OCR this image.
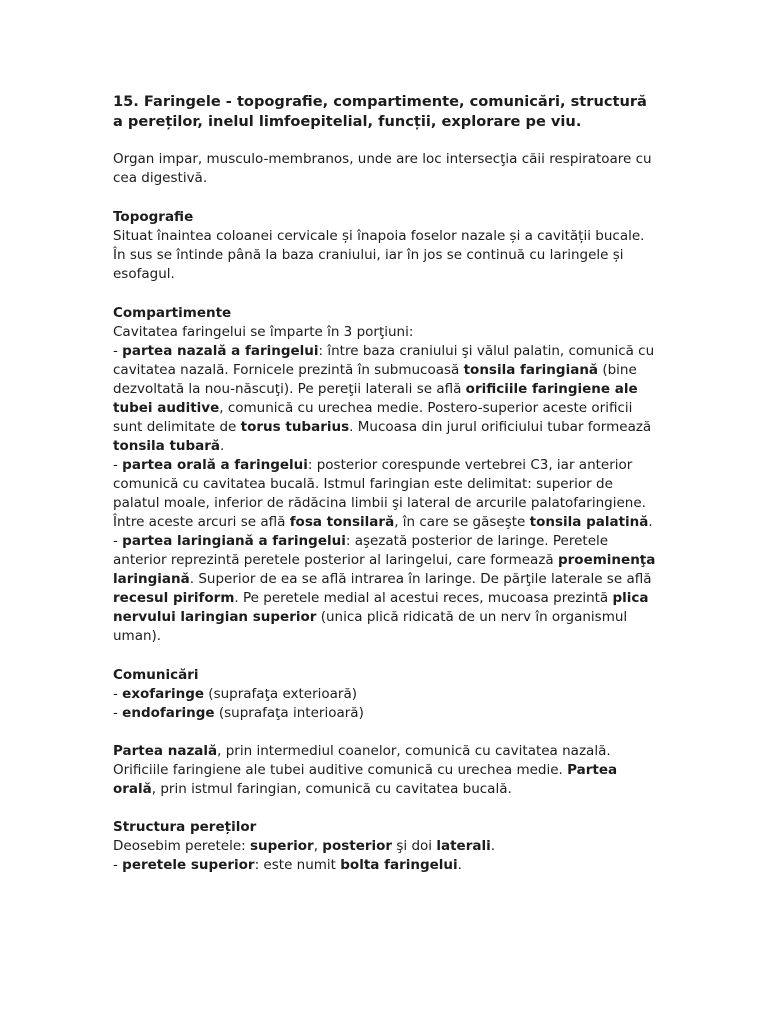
15. Faringele - topografie, compartimente, comunicări, structură a pereților, inelul limfoepitelial, funcții, explorare pe viu.

Organ impar, musculo-membranos, unde are loc intersecţia căii respiratoare cu cea digestivă.

Topografie

Situat înaintea coloanei cervicale și înapoia foselor nazale și a cavității bucale. În sus se întinde până la baza craniului, iar în jos se continuă cu laringele și esofagul.

Compartimente

Cavitatea faringelui se împarte în 3 porţiuni:

- partea nazală a faringelui: între baza craniului şi vălul palatin, comunică cu cavitatea nazală. Fornicele prezintă în submucoasă tonsila faringiană (bine dezvoltată la nou-născuţi). Pe pereţii laterali se află orificiile faringiene ale tubei auditive, comunică cu urechea medie. Postero-superior aceste orificii sunt delimitate de torus tubarius. Mucoasa din jurul orificiului tubar formează tonsila tubară.

- partea orală a faringelui: posterior corespunde vertebrei C3, iar anterior comunică cu cavitatea bucală. Istmul faringian este delimitat: superior de palatul moale, inferior de rădăcina limbii şi lateral de arcurile palatofaringiene. Între aceste arcuri se află fosa tonsilară, în care se găseşte tonsila palatină.

- partea laringiană a faringelui: aşezată posterior de laringe. Peretele anterior reprezintă peretele posterior al laringelui, care formează proeminenţa laringiană. Superior de ea se află intrarea în laringe. De părţile laterale se află recesul piriform. Pe peretele medial al acestui reces, mucoasa prezintă plica nervului laringian superior (unica plică ridicată de un nerv în organismul uman).

Comunicări

- exofaringe (suprafaţa exterioară)

- endofaringe (suprafaţa interioară)

Partea nazală, prin intermediul coanelor, comunică cu cavitatea nazală. Orificiile faringiene ale tubei auditive comunică cu urechea medie. Partea orală, prin istmul faringian, comunică cu cavitatea bucală.

Structura pereților

Deosebim peretele: superior, posterior şi doi laterali.

- peretele superior: este numit bolta faringelui.
